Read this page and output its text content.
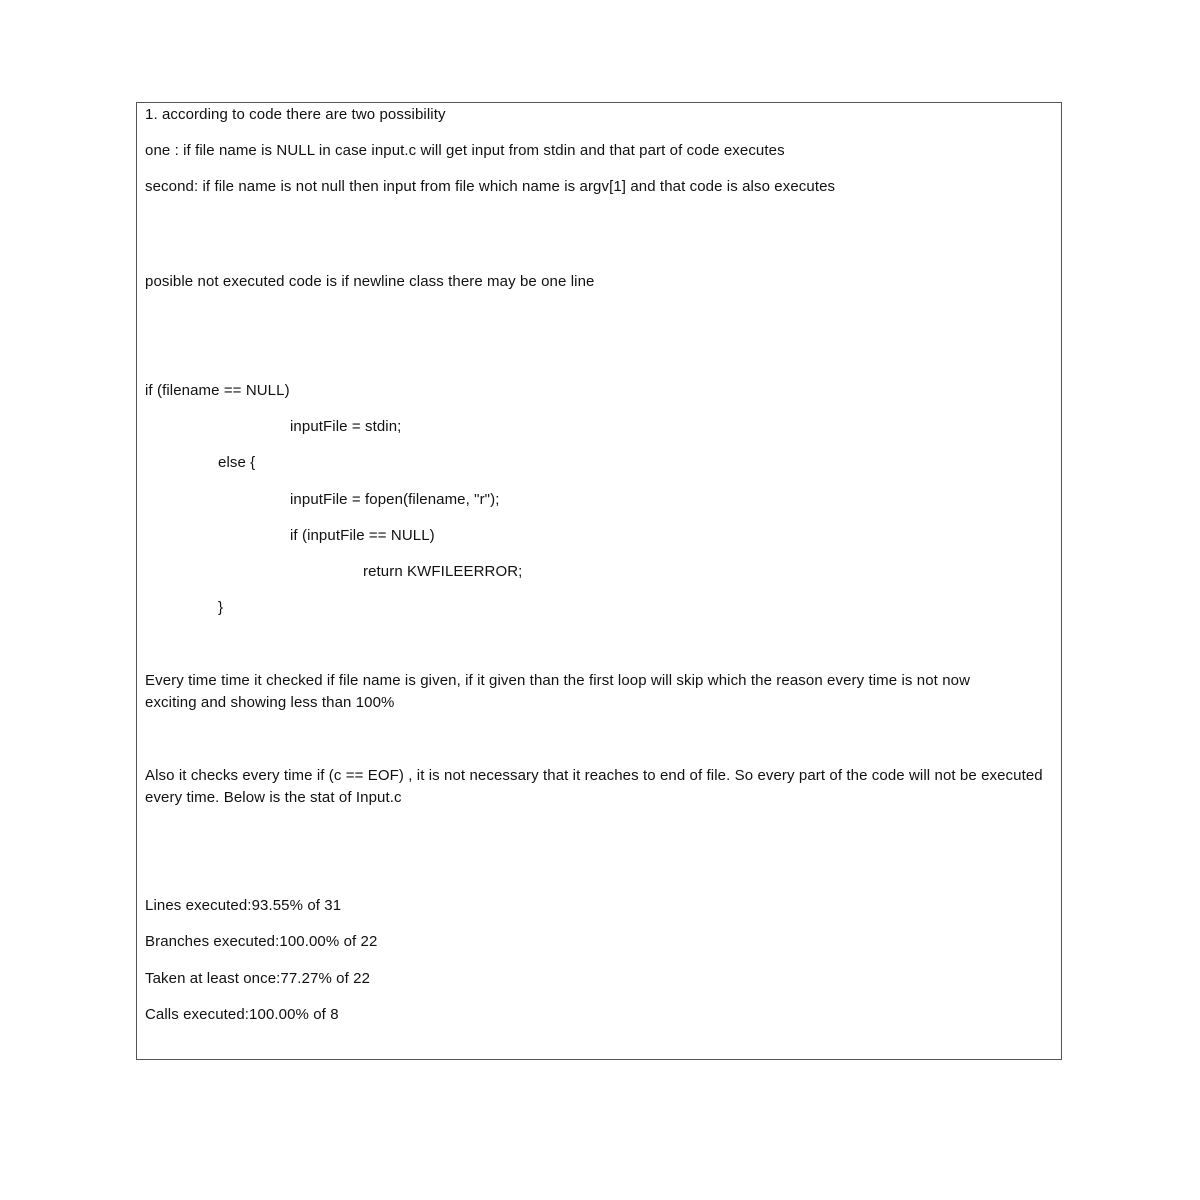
1. according to code there are two possibility
one : if file name is NULL in case input.c will get input from stdin and that part of code executes
second: if file name is not null then input from file which name is argv[1] and that code is also executes
posible not executed code is if newline class there may be one line
if (filename == NULL)
inputFile = stdin;
else {
inputFile = fopen(filename, "r");
if (inputFile == NULL)
return KWFILEERROR;
}
Every time time it checked if file name is given, if it given than the first loop will skip which the reason every time is not now exciting and showing less than 100%
Also it checks every time if (c == EOF) , it is not necessary that it reaches to end of file. So every part of the code will not be executed every time. Below is the stat of Input.c
Lines executed:93.55% of 31
Branches executed:100.00% of 22
Taken at least once:77.27% of 22
Calls executed:100.00% of 8
